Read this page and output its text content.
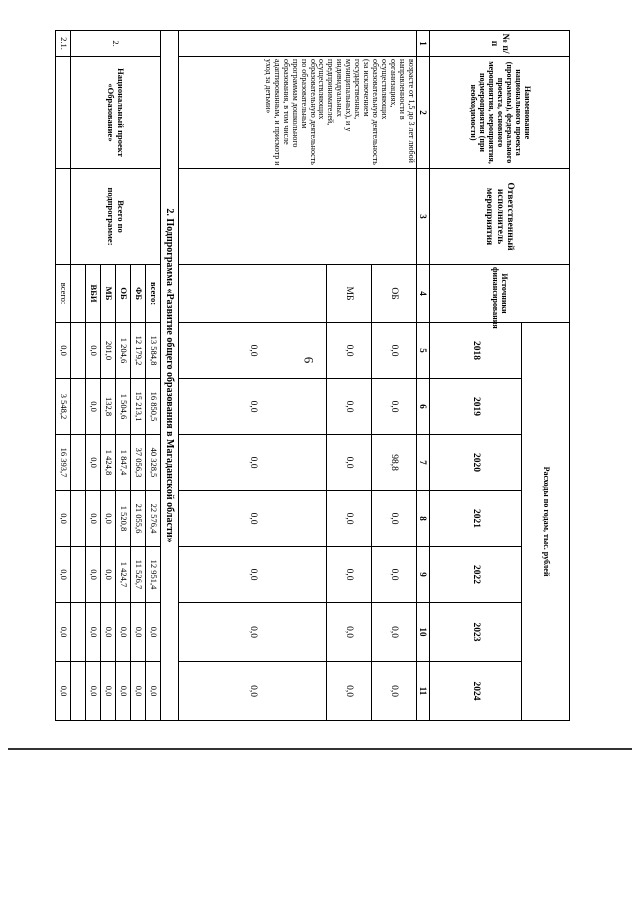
6
№ п/п	Наименование национального проекта (программы), федерального проекта, основного мероприятия, мероприятия, подмероприятия (при необходимости)	Ответственный исполнитель мероприятия	Источники финансирования	Расходы по годам, тыс. рублей						
				2018	2019	2020	2021	2022	2023	2024
1	2	3	4	5	6	7	8	9	10	11
	возрасте от 1,5 до 3 лет любой направленности в организациях, осуществляющих образовательную деятельность (за исключением государственных, муниципальных), и у индивидуальных предпринимателей, осуществляющих образовательную деятельность по образовательным программам дошкольного образования, в том числе адаптированным, и присмотр и уход за детьми»		ОБ	0,0	0,0	98,8	0,0	0,0	0,0	0,0
			МБ	0,0	0,0	0,0	0,0	0,0	0,0	0,0
				0,0	0,0	0,0	0,0	0,0	0,0	0,0
2. Подпрограмма «Развитие общего образования в Магаданской области»										
2.	Национальный проект «Образование»	Всего по подпрограмме:	всего:	13 584,8	16 850,5	40 328,5	22 576,4	12 951,4	0,0	0,0
			ФБ	12 179,2	15 213,1	37 056,3	21 055,6	11 526,7	0,0	0,0
			ОБ	1 204,6	1 504,6	1 847,4	1 520,8	1 424,7	0,0	0,0
			МБ	201,0	132,8	1 424,8	0,0	0,0	0,0	0,0
			ВБИ	0,0	0,0	0,0	0,0	0,0	0,0	0,0

2.1.			всего:	0,0	3 548,2	16 393,7	0,0	0,0	0,0	0,0
